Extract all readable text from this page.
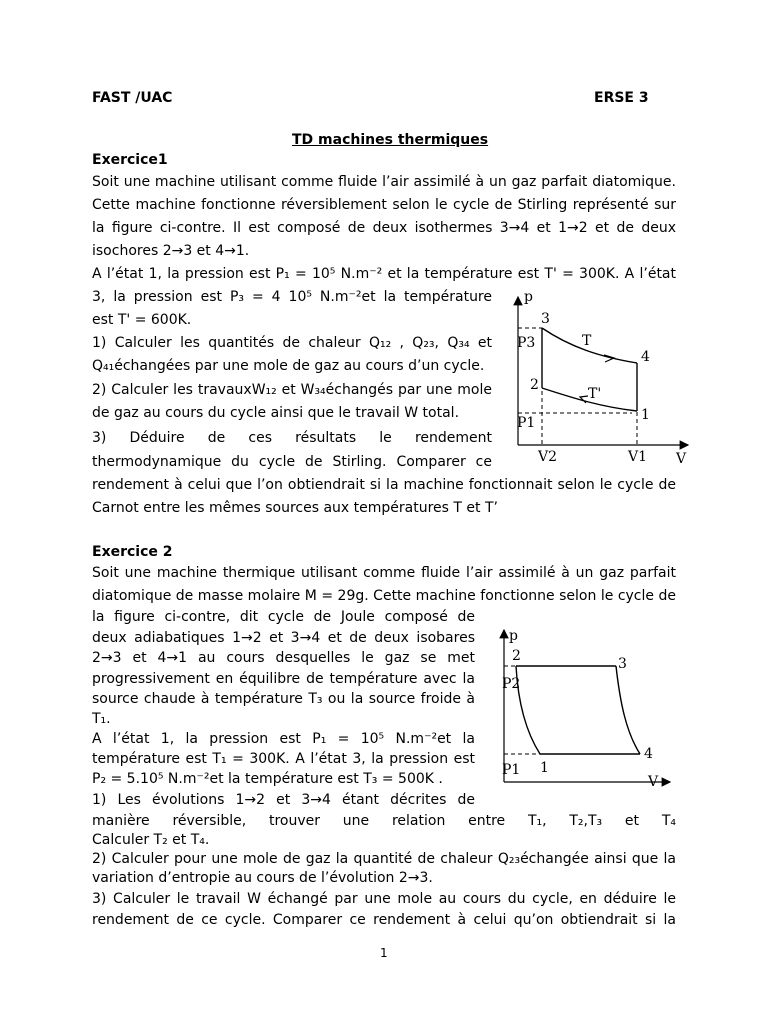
FAST /UAC	ERSE 3
TD machines thermiques
Exercice1
Soit une machine utilisant comme fluide l’air assimilé à un gaz parfait diatomique.
Cette machine fonctionne réversiblement selon le cycle de Stirling représenté sur
la figure ci-contre. Il est composé de deux isothermes 3→4 et 1→2 et de deux
isochores 2→3 et 4→1.
A l’état 1, la pression est P₁ = 10⁵ N.m⁻² et la température est T' = 300K. A l’état
3, la pression est P₃ = 4 10⁵ N.m⁻²et la température
est T' = 600K.
1) Calculer les quantités de chaleur Q₁₂ , Q₂₃, Q₃₄ et
Q₄₁échangées par une mole de gaz au cours d’un cycle.
2) Calculer les travauxW₁₂ et W₃₄échangés par une mole
de gaz au cours du cycle ainsi que le travail W total.
3) Déduire de ces résultats le rendement
thermodynamique du cycle de Stirling. Comparer ce
rendement à celui que l’on obtiendrait si la machine fonctionnait selon le cycle de
Carnot entre les mêmes sources aux températures T et T’
p
V
P3
P1
V2	V1
3
4
1
2
T
T'
Exercice 2
Soit une machine thermique utilisant comme fluide l’air assimilé à un gaz parfait
diatomique de masse molaire M = 29g. Cette machine fonctionne selon le cycle de
la figure ci-contre, dit cycle de Joule composé de
deux adiabatiques 1→2 et 3→4 et de deux isobares
2→3 et 4→1 au cours desquelles le gaz se met
progressivement en équilibre de température avec la
source chaude à température T₃ ou la source froide à
T₁.
A l’état 1, la pression est P₁ = 10⁵ N.m⁻²et la
température est T₁ = 300K. A l’état 3, la pression est
P₂ = 5.10⁵ N.m⁻²et la température est T₃ = 500K .
1) Les évolutions 1→2 et 3→4 étant décrites de
manière réversible, trouver une relation entre T₁, T₂,T₃ et T₄
Calculer T₂ et T₄.
2) Calculer pour une mole de gaz la quantité de chaleur Q₂₃échangée ainsi que la
variation d’entropie au cours de l’évolution 2→3.
3) Calculer le travail W échangé par une mole au cours du cycle, en déduire le
rendement de ce cycle. Comparer ce rendement à celui qu’on obtiendrait si la
p
V
P2
P1
2	3
4
1
1
